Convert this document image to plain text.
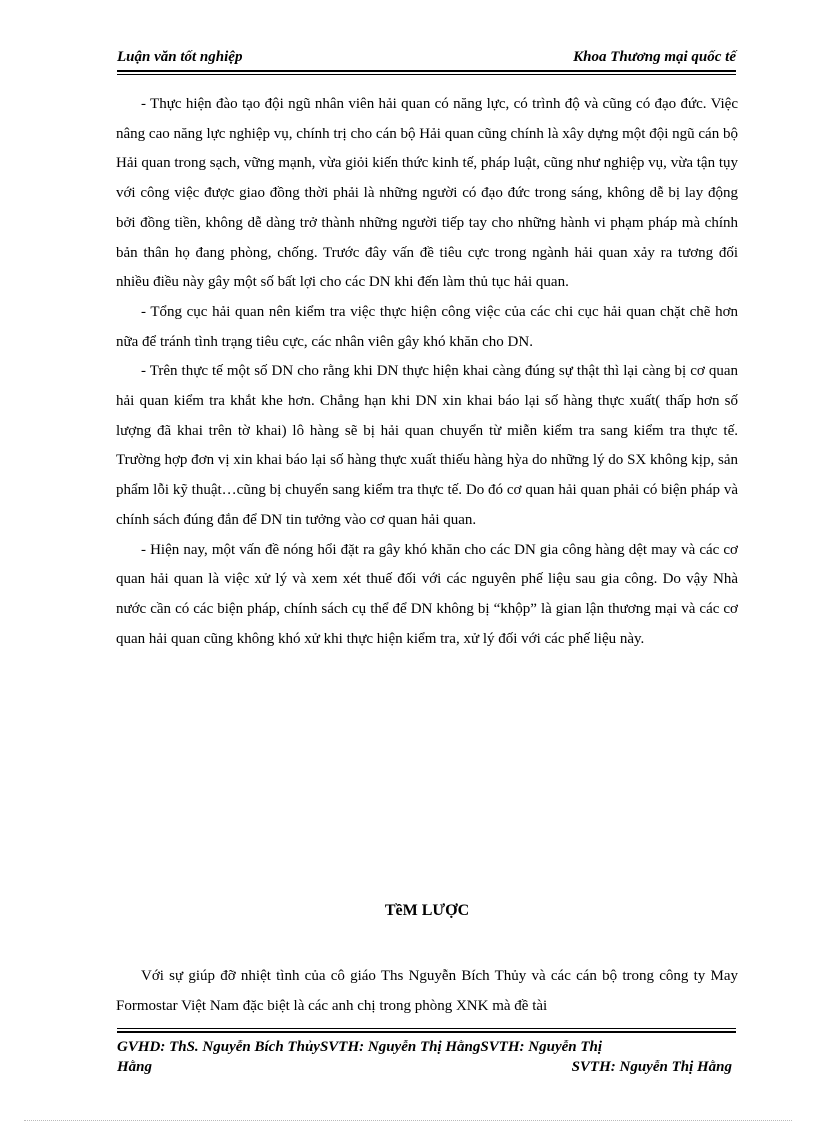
Luận văn tốt nghiệp	Khoa Thương mại quốc tế

- Thực hiện đào tạo đội ngũ nhân viên hải quan có năng lực, có trình độ và cũng có đạo đức. Việc nâng cao năng lực nghiệp vụ, chính trị cho cán bộ Hải quan cũng chính là xây dựng một đội ngũ cán bộ Hải quan trong sạch, vững mạnh, vừa giỏi kiến thức kinh tế, pháp luật, cũng như nghiệp vụ, vừa tận tụy với công việc được giao đồng thời phải là những người có đạo đức trong sáng, không dễ bị lay động bởi đồng tiền, không dễ dàng trở thành những người tiếp tay cho những hành vi phạm pháp mà chính bản thân họ đang phòng, chống. Trước đây vấn đề tiêu cực trong ngành hải quan xảy ra tương đối nhiều điều này gây một số bất lợi cho các DN khi đến làm thủ tục hải quan.

- Tổng cục hải quan nên kiểm tra việc thực hiện công việc của các chi cục hải quan chặt chẽ hơn nữa để tránh tình trạng tiêu cực, các nhân viên gây khó khăn cho DN.

- Trên thực tế một số DN cho rằng khi DN thực hiện khai càng đúng sự thật thì lại càng bị cơ quan hải quan kiểm tra khắt khe hơn. Chẳng hạn khi DN xin khai báo lại số hàng thực xuất( thấp hơn số lượng đã khai trên tờ khai) lô hàng sẽ bị hải quan chuyển từ miễn kiểm tra sang kiểm tra thực tế. Trường hợp đơn vị xin khai báo lại số hàng thực xuất thiếu hàng hỳa do những lý do SX không kịp, sản phẩm lỗi kỹ thuật…cũng bị chuyển sang kiểm tra thực tế. Do đó cơ quan hải quan phải có biện pháp và chính sách đúng đắn để DN tin tưởng vào cơ quan hải quan.

- Hiện nay, một vấn đề nóng hổi đặt ra gây khó khăn cho các DN gia công hàng dệt may và các cơ quan hải quan là việc xử lý và xem xét thuế đối với các nguyên phế liệu sau gia công. Do vậy Nhà nước cần có các biện pháp, chính sách cụ thể để DN không bị “khộp” là gian lận thương mại và các cơ quan hải quan cũng không khó xử khi thực hiện kiểm tra, xử lý đối với các phế liệu này.

TềM LƯỢC

Với sự giúp đỡ nhiệt tình của cô giáo Ths Nguyễn Bích Thủy và các cán bộ trong công ty May Formostar Việt Nam đặc biệt là các anh chị trong phòng XNK mà đề tài

GVHD: ThS. Nguyễn Bích ThủySVTH: Nguyễn Thị HằngSVTH: Nguyễn Thị
Hằng	SVTH: Nguyễn Thị Hằng
